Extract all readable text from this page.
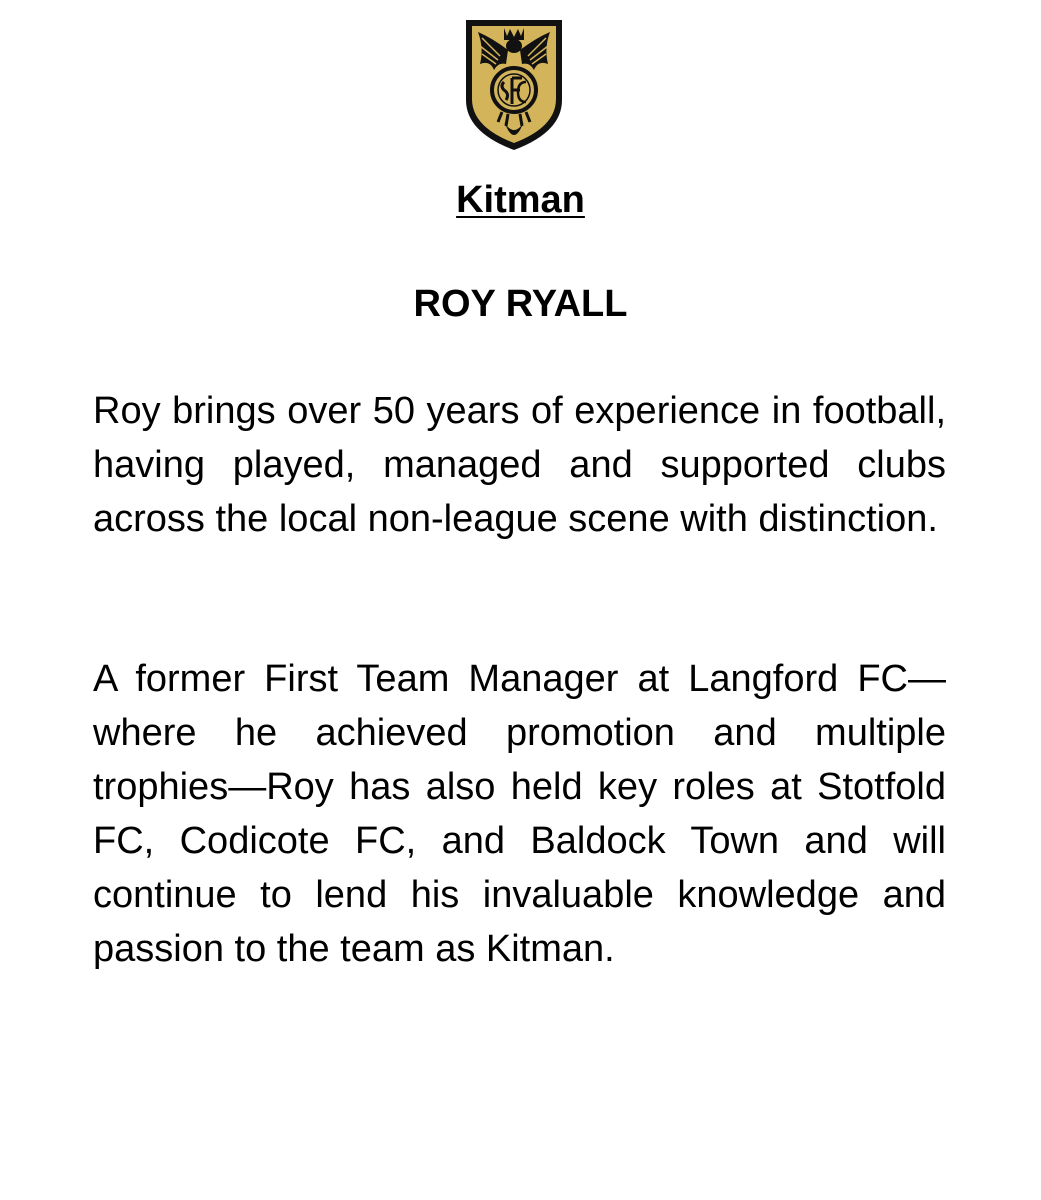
Kitman
ROY RYALL

Roy brings over 50 years of experience in football, having played, managed and supported clubs across the local non-league scene with distinction.

A former First Team Manager at Langford FC—where he achieved promotion and multiple trophies—Roy has also held key roles at Stotfold FC, Codicote FC, and Baldock Town and will continue to lend his invaluable knowledge and passion to the team as Kitman.
